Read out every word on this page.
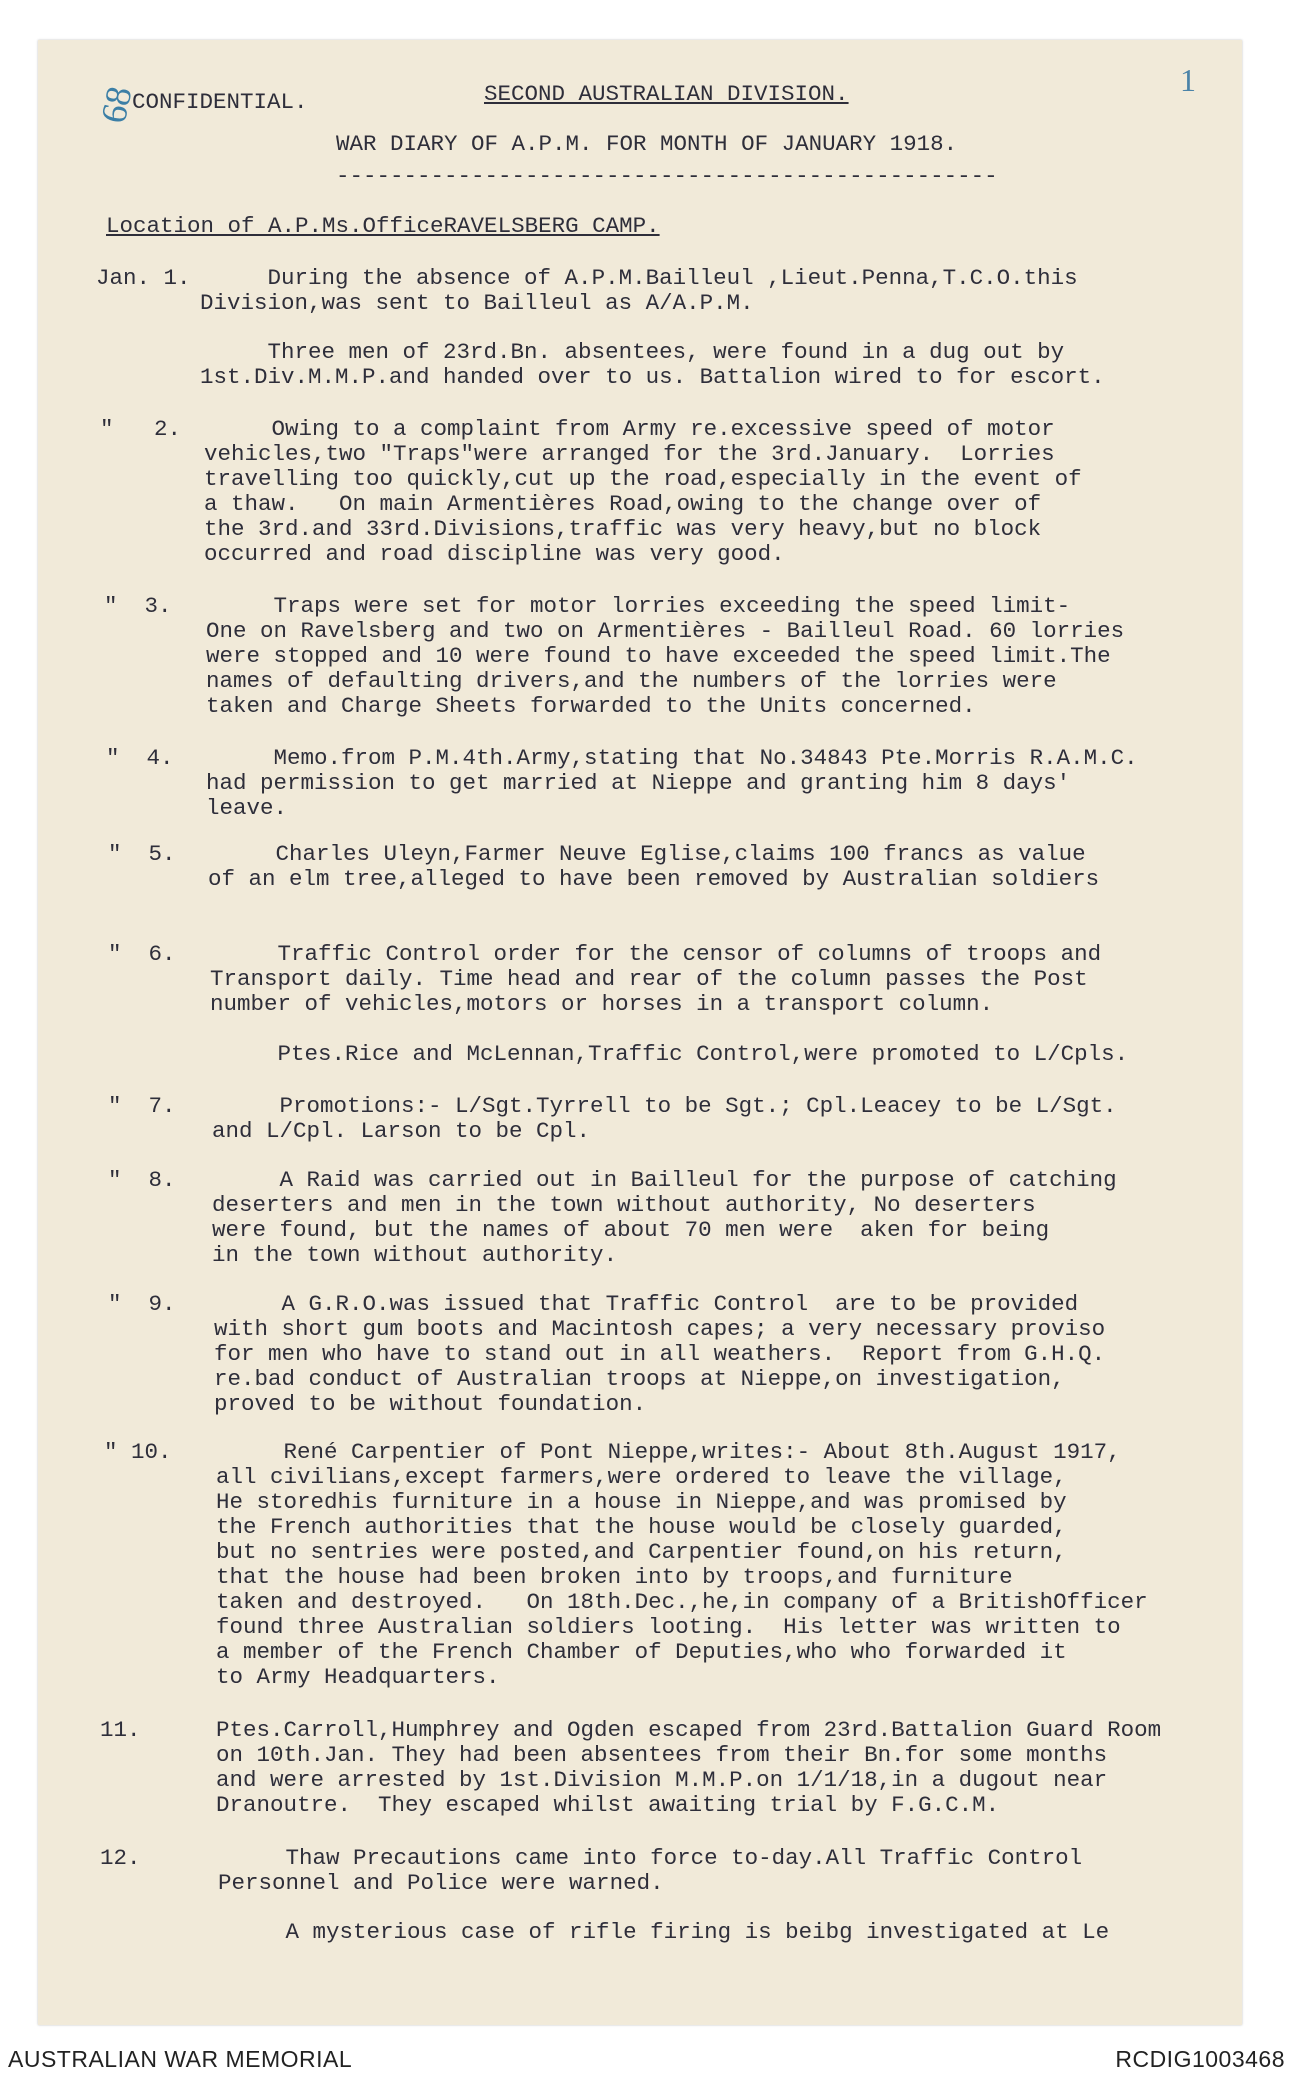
68
1
CONFIDENTIAL.	SECOND AUSTRALIAN DIVISION.
WAR DIARY OF A.P.M. FOR MONTH OF JANUARY 1918.
-------------------------------------------------
Location of A.P.Ms.OfficeRAVELSBERG CAMP.
Jan. 1. During the absence of A.P.M.Bailleul ,Lieut.Penna,T.C.O.this
Division,was sent to Bailleul as A/A.P.M.
Three men of 23rd.Bn. absentees, were found in a dug out by
1st.Div.M.M.P.and handed over to us. Battalion wired to for escort.
"   2. Owing to a complaint from Army re.excessive speed of motor
vehicles,two "Traps"were arranged for the 3rd.January.  Lorries
travelling too quickly,cut up the road,especially in the event of
a thaw.   On main Armentières Road,owing to the change over of
the 3rd.and 33rd.Divisions,traffic was very heavy,but no block
occurred and road discipline was very good.
"  3. Traps were set for motor lorries exceeding the speed limit-
One on Ravelsberg and two on Armentières - Bailleul Road. 60 lorries
were stopped and 10 were found to have exceeded the speed limit.The
names of defaulting drivers,and the numbers of the lorries were
taken and Charge Sheets forwarded to the Units concerned.
"  4. Memo.from P.M.4th.Army,stating that No.34843 Pte.Morris R.A.M.C.
had permission to get married at Nieppe and granting him 8 days'
leave.
"  5. Charles Uleyn,Farmer Neuve Eglise,claims 100 francs as value
of an elm tree,alleged to have been removed by Australian soldiers
"  6. Traffic Control order for the censor of columns of troops and
Transport daily. Time head and rear of the column passes the Post
number of vehicles,motors or horses in a transport column.
Ptes.Rice and McLennan,Traffic Control,were promoted to L/Cpls.
"  7. Promotions:- L/Sgt.Tyrrell to be Sgt.; Cpl.Leacey to be L/Sgt.
and L/Cpl. Larson to be Cpl.
"  8. A Raid was carried out in Bailleul for the purpose of catching
deserters and men in the town without authority, No deserters
were found, but the names of about 70 men were  aken for being
in the town without authority.
"  9. A G.R.O.was issued that Traffic Control  are to be provided
with short gum boots and Macintosh capes; a very necessary proviso
for men who have to stand out in all weathers.  Report from G.H.Q.
re.bad conduct of Australian troops at Nieppe,on investigation,
proved to be without foundation.
" 10. René Carpentier of Pont Nieppe,writes:- About 8th.August 1917,
all civilians,except farmers,were ordered to leave the village,
He storedhis furniture in a house in Nieppe,and was promised by
the French authorities that the house would be closely guarded,
but no sentries were posted,and Carpentier found,on his return,
that the house had been broken into by troops,and furniture
taken and destroyed.   On 18th.Dec.,he,in company of a BritishOfficer
found three Australian soldiers looting.  His letter was written to
a member of the French Chamber of Deputies,who who forwarded it
to Army Headquarters.
11.	Ptes.Carroll,Humphrey and Ogden escaped from 23rd.Battalion Guard Room
on 10th.Jan. They had been absentees from their Bn.for some months
and were arrested by 1st.Division M.M.P.on 1/1/18,in a dugout near
Dranoutre.  They escaped whilst awaiting trial by F.G.C.M.
12.	Thaw Precautions came into force to-day.All Traffic Control
Personnel and Police were warned.
A mysterious case of rifle firing is beibg investigated at Le
AUSTRALIAN WAR MEMORIAL	RCDIG1003468
